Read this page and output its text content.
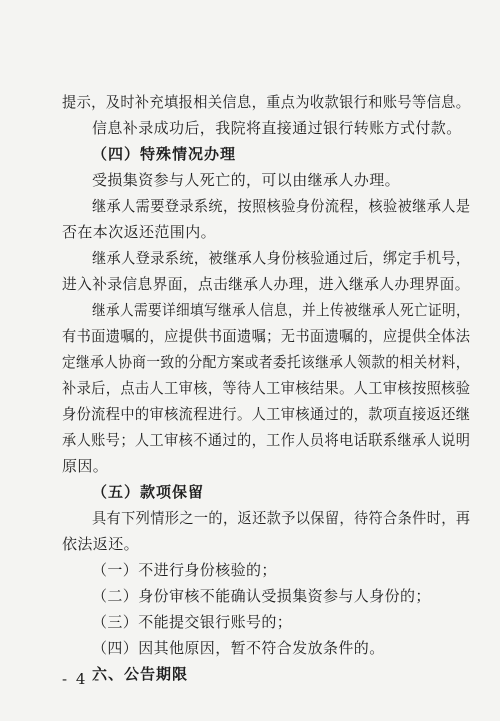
提示，及时补充填报相关信息，重点为收款银行和账号等信息。
信息补录成功后，我院将直接通过银行转账方式付款。
（四）特殊情况办理
受损集资参与人死亡的，可以由继承人办理。
继承人需要登录系统，按照核验身份流程，核验被继承人是
否在本次返还范围内。
继承人登录系统，被继承人身份核验通过后，绑定手机号，
进入补录信息界面，点击继承人办理，进入继承人办理界面。
继承人需要详细填写继承人信息，并上传被继承人死亡证明，
有书面遗嘱的，应提供书面遗嘱；无书面遗嘱的，应提供全体法
定继承人协商一致的分配方案或者委托该继承人领款的相关材料，
补录后，点击人工审核，等待人工审核结果。人工审核按照核验
身份流程中的审核流程进行。人工审核通过的，款项直接返还继
承人账号；人工审核不通过的，工作人员将电话联系继承人说明
原因。
（五）款项保留
具有下列情形之一的，返还款予以保留，待符合条件时，再
依法返还。
（一）不进行身份核验的；
（二）身份审核不能确认受损集资参与人身份的；
（三）不能提交银行账号的；
（四）因其他原因，暂不符合发放条件的。
六、公告期限
- 4 -
